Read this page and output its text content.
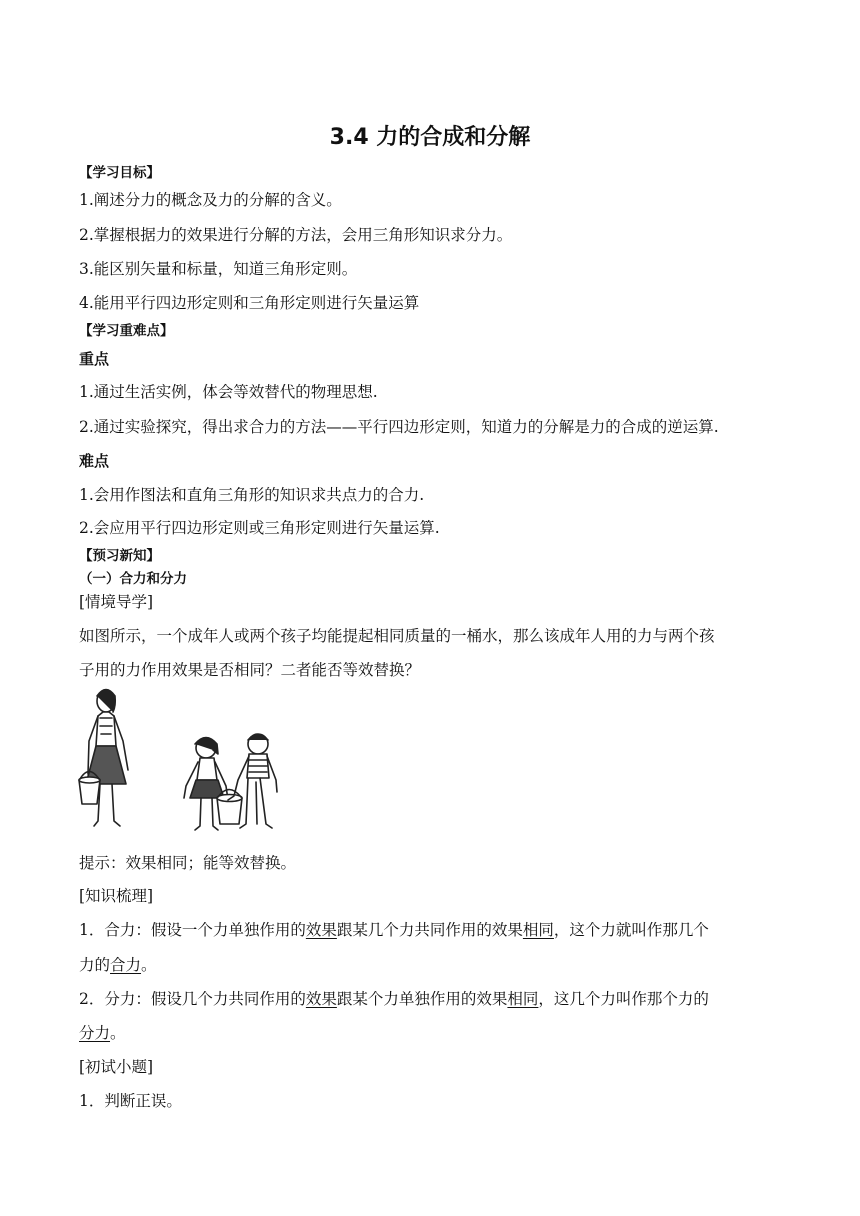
3.4 力的合成和分解
【学习目标】
1.阐述分力的概念及力的分解的含义。
2.掌握根据力的效果进行分解的方法，会用三角形知识求分力。
3.能区别矢量和标量，知道三角形定则。
4.能用平行四边形定则和三角形定则进行矢量运算
【学习重难点】
重点
1.通过生活实例，体会等效替代的物理思想.
2.通过实验探究，得出求合力的方法——平行四边形定则，知道力的分解是力的合成的逆运算.
难点
1.会用作图法和直角三角形的知识求共点力的合力.
2.会应用平行四边形定则或三角形定则进行矢量运算.
【预习新知】
（一）合力和分力
[情境导学]
如图所示，一个成年人或两个孩子均能提起相同质量的一桶水，那么该成年人用的力与两个孩
子用的力作用效果是否相同？二者能否等效替换？
提示：效果相同；能等效替换。
[知识梳理]
1．合力：假设一个力单独作用的效果跟某几个力共同作用的效果相同，这个力就叫作那几个
力的合力。
2．分力：假设几个力共同作用的效果跟某个力单独作用的效果相同，这几个力叫作那个力的
分力。
[初试小题]
1．判断正误。
